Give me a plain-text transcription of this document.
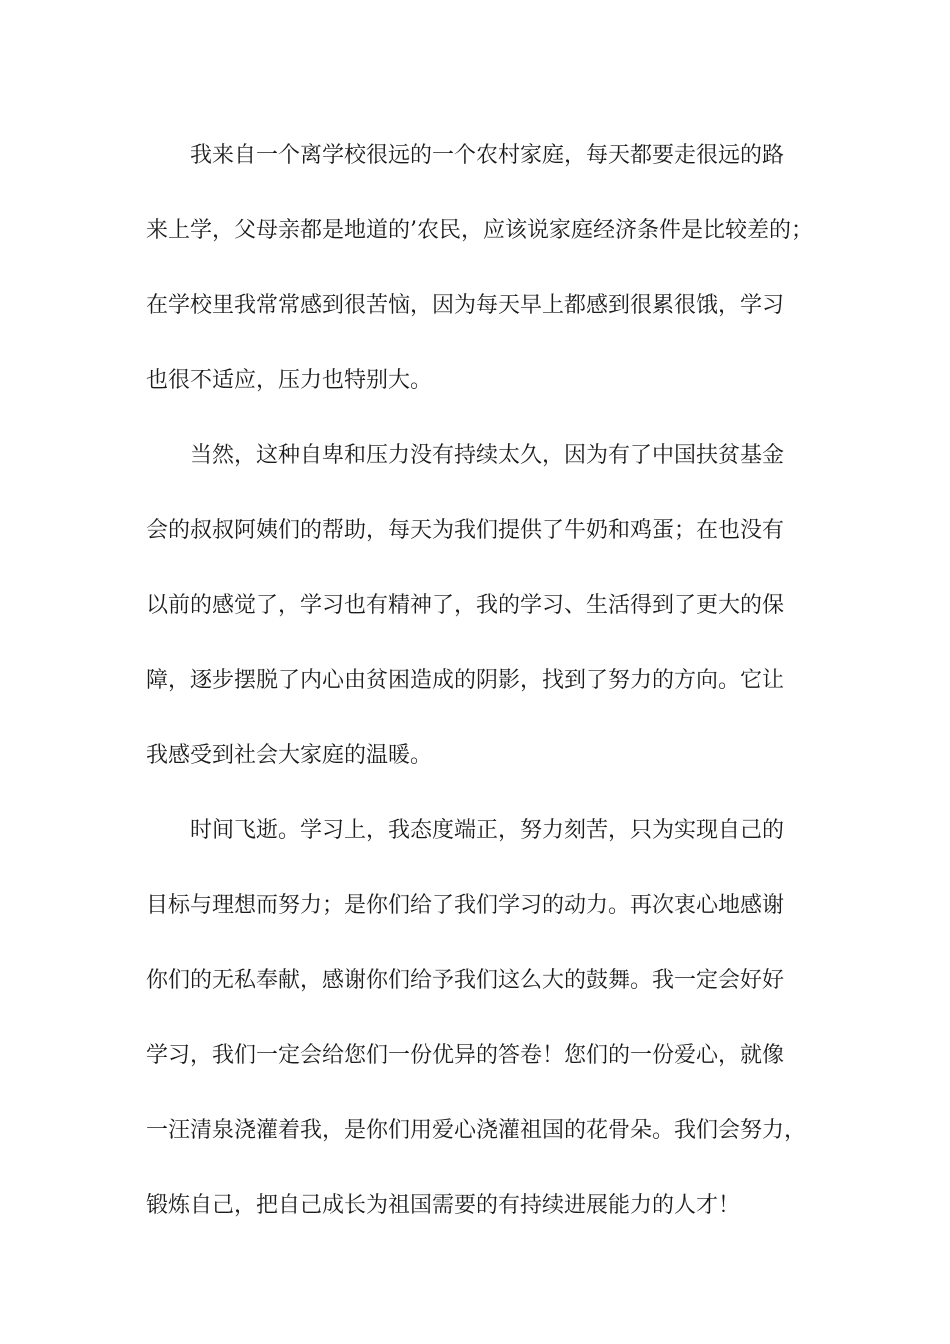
我来自一个离学校很远的一个农村家庭，每天都要走很远的路
来上学，父母亲都是地道的’农民，应该说家庭经济条件是比较差的；
在学校里我常常感到很苦恼，因为每天早上都感到很累很饿，学习
也很不适应，压力也特别大。
当然，这种自卑和压力没有持续太久，因为有了中国扶贫基金
会的叔叔阿姨们的帮助，每天为我们提供了牛奶和鸡蛋；在也没有
以前的感觉了，学习也有精神了，我的学习、生活得到了更大的保
障，逐步摆脱了内心由贫困造成的阴影，找到了努力的方向。它让
我感受到社会大家庭的温暖。
时间飞逝。学习上，我态度端正，努力刻苦，只为实现自己的
目标与理想而努力；是你们给了我们学习的动力。再次衷心地感谢
你们的无私奉献，感谢你们给予我们这么大的鼓舞。我一定会好好
学习，我们一定会给您们一份优异的答卷！您们的一份爱心，就像
一汪清泉浇灌着我，是你们用爱心浇灌祖国的花骨朵。我们会努力，
锻炼自己，把自己成长为祖国需要的有持续进展能力的人才！
